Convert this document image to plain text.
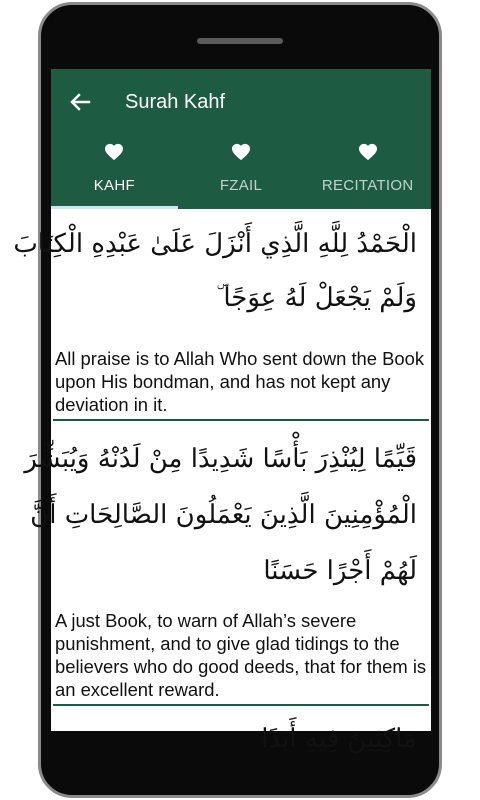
Surah Kahf
KAHF	FZAIL	RECITATION
الْحَمْدُ لِلَّهِ الَّذِي أَنْزَلَ عَلَىٰ عَبْدِهِ الْكِتَابَ
وَلَمْ يَجْعَلْ لَهُ عِوَجًا ۜ
All praise is to Allah Who sent down the Book upon His bondman, and has not kept any deviation in it.
قَيِّمًا لِيُنْذِرَ بَأْسًا شَدِيدًا مِنْ لَدُنْهُ وَيُبَشِّرَ
الْمُؤْمِنِينَ الَّذِينَ يَعْمَلُونَ الصَّالِحَاتِ أَنَّ
لَهُمْ أَجْرًا حَسَنًا
A just Book, to warn of Allah’s severe punishment, and to give glad tidings to the believers who do good deeds, that for them is an excellent reward.
مَاكِثِينَ فِيهِ أَبَدًا
